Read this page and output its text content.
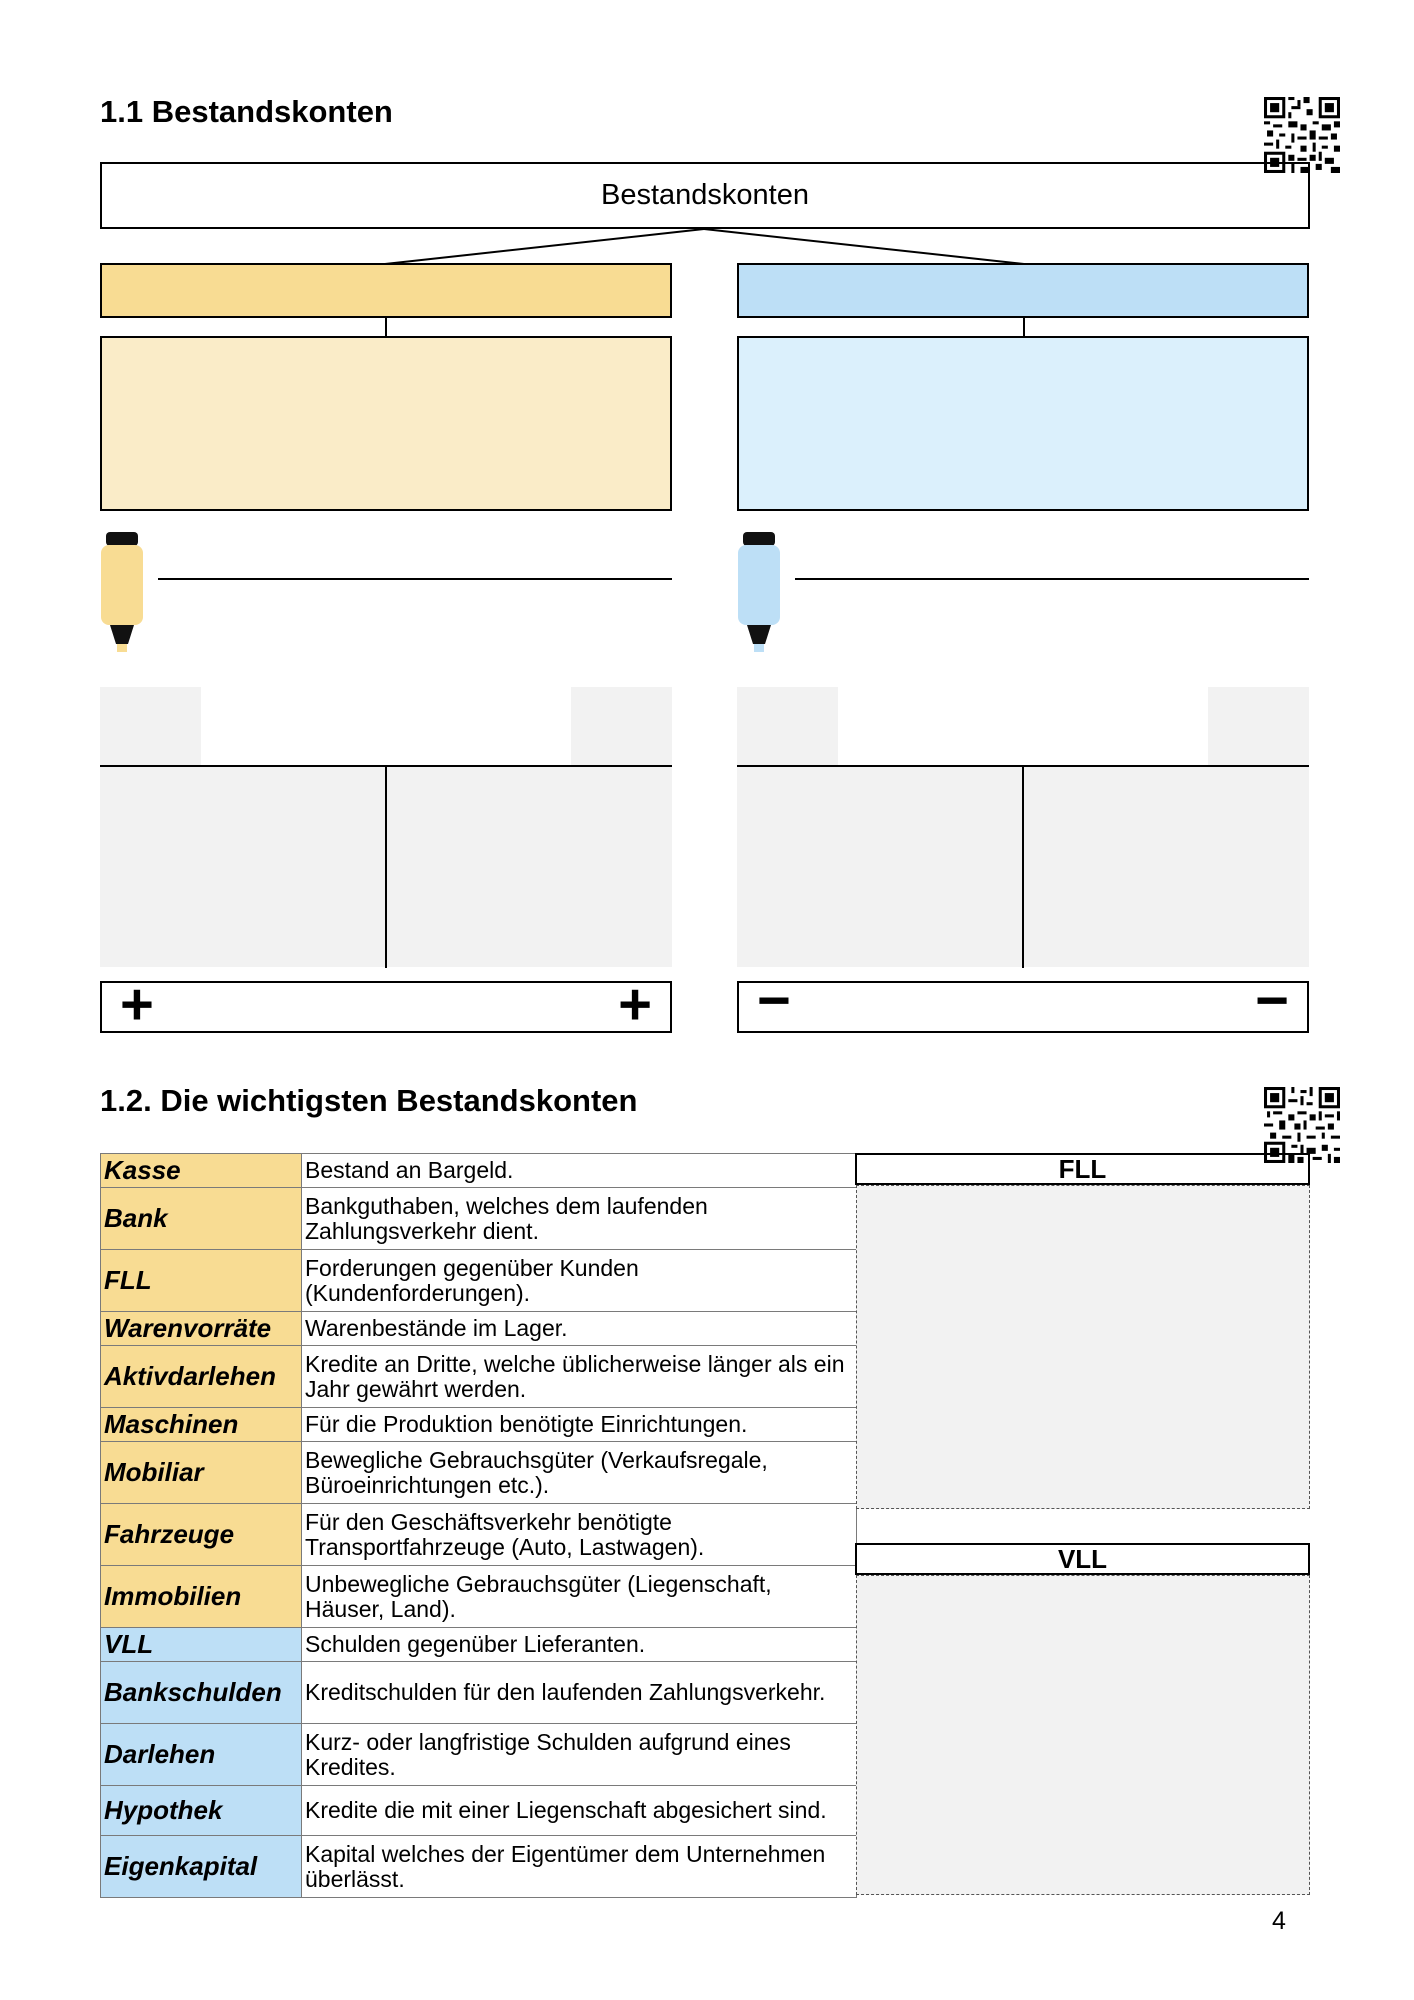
1.1 Bestandskonten
Bestandskonten
+	+ −	−
1.2. Die wichtigsten Bestandskonten
Kasse	Bestand an Bargeld.
Bank	Bankguthaben, welches dem laufenden Zahlungsverkehr dient.
FLL	Forderungen gegenüber Kunden (Kundenforderungen).
Warenvorräte	Warenbestände im Lager.
Aktivdarlehen	Kredite an Dritte, welche üblicherweise länger als ein Jahr gewährt werden.
Maschinen	Für die Produktion benötigte Einrichtungen.
Mobiliar	Bewegliche Gebrauchsgüter (Verkaufsregale, Büroeinrichtungen etc.).
Fahrzeuge	Für den Geschäftsverkehr benötigte Transportfahrzeuge (Auto, Lastwagen).
Immobilien	Unbewegliche Gebrauchsgüter (Liegenschaft, Häuser, Land).
VLL	Schulden gegenüber Lieferanten.
Bankschulden	Kreditschulden für den laufenden Zahlungsverkehr.
Darlehen	Kurz- oder langfristige Schulden aufgrund eines Kredites.
Hypothek	Kredite die mit einer Liegenschaft abgesichert sind.
Eigenkapital	Kapital welches der Eigentümer dem Unternehmen überlässt.
FLL
VLL
4
